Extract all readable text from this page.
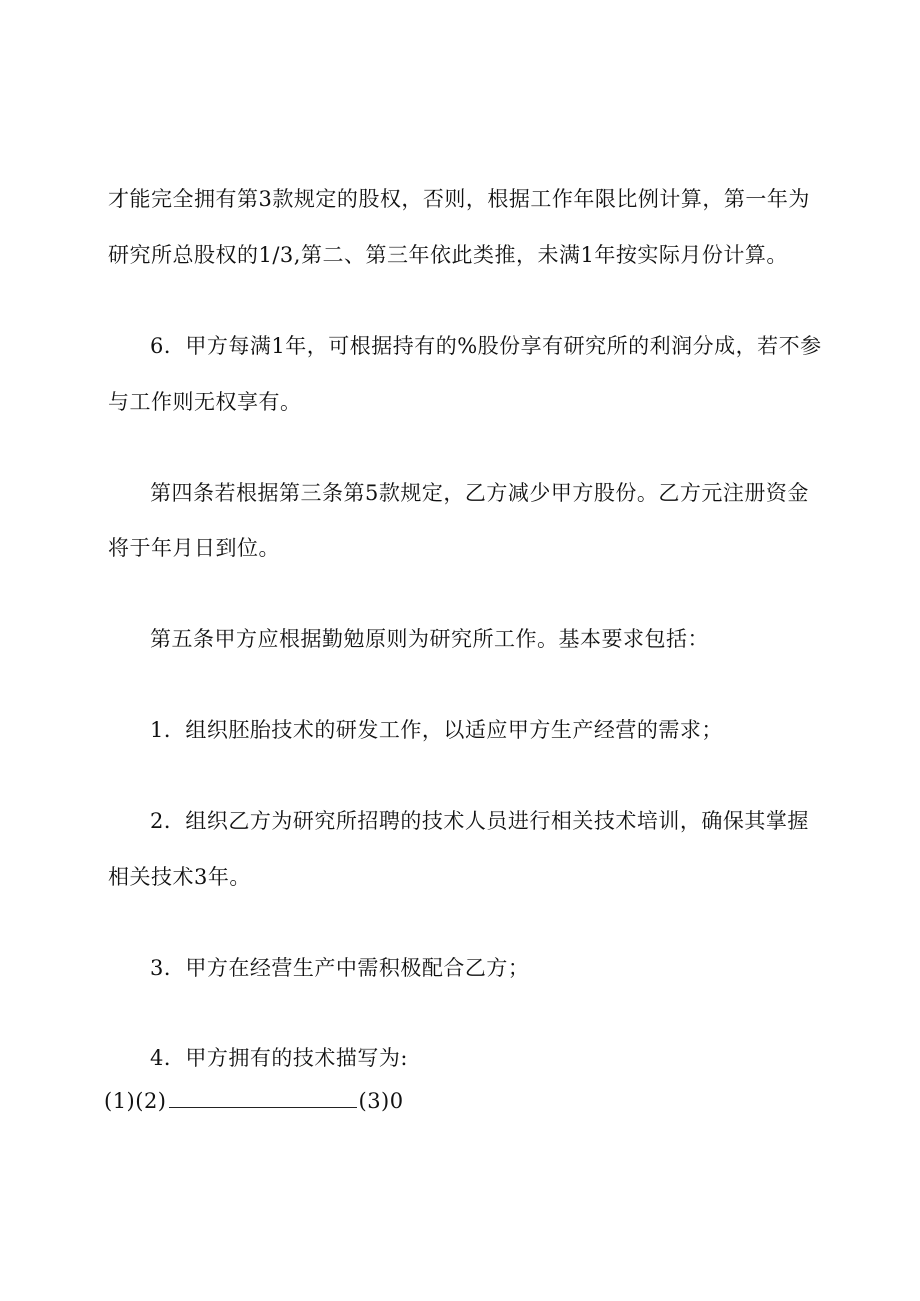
才能完全拥有第3款规定的股权，否则，根据工作年限比例计算，第一年为
研究所总股权的1/3,第二、第三年依此类推，未满1年按实际月份计算。
6．甲方每满1年，可根据持有的%股份享有研究所的利润分成，若不参
与工作则无权享有。
第四条若根据第三条第5款规定，乙方减少甲方股份。乙方元注册资金
将于年月日到位。
第五条甲方应根据勤勉原则为研究所工作。基本要求包括：
1．组织胚胎技术的研发工作，以适应甲方生产经营的需求；
2．组织乙方为研究所招聘的技术人员进行相关技术培训，确保其掌握
相关技术3年。
3．甲方在经营生产中需积极配合乙方；
4．甲方拥有的技术描写为:
(1)(2)	(3)0
